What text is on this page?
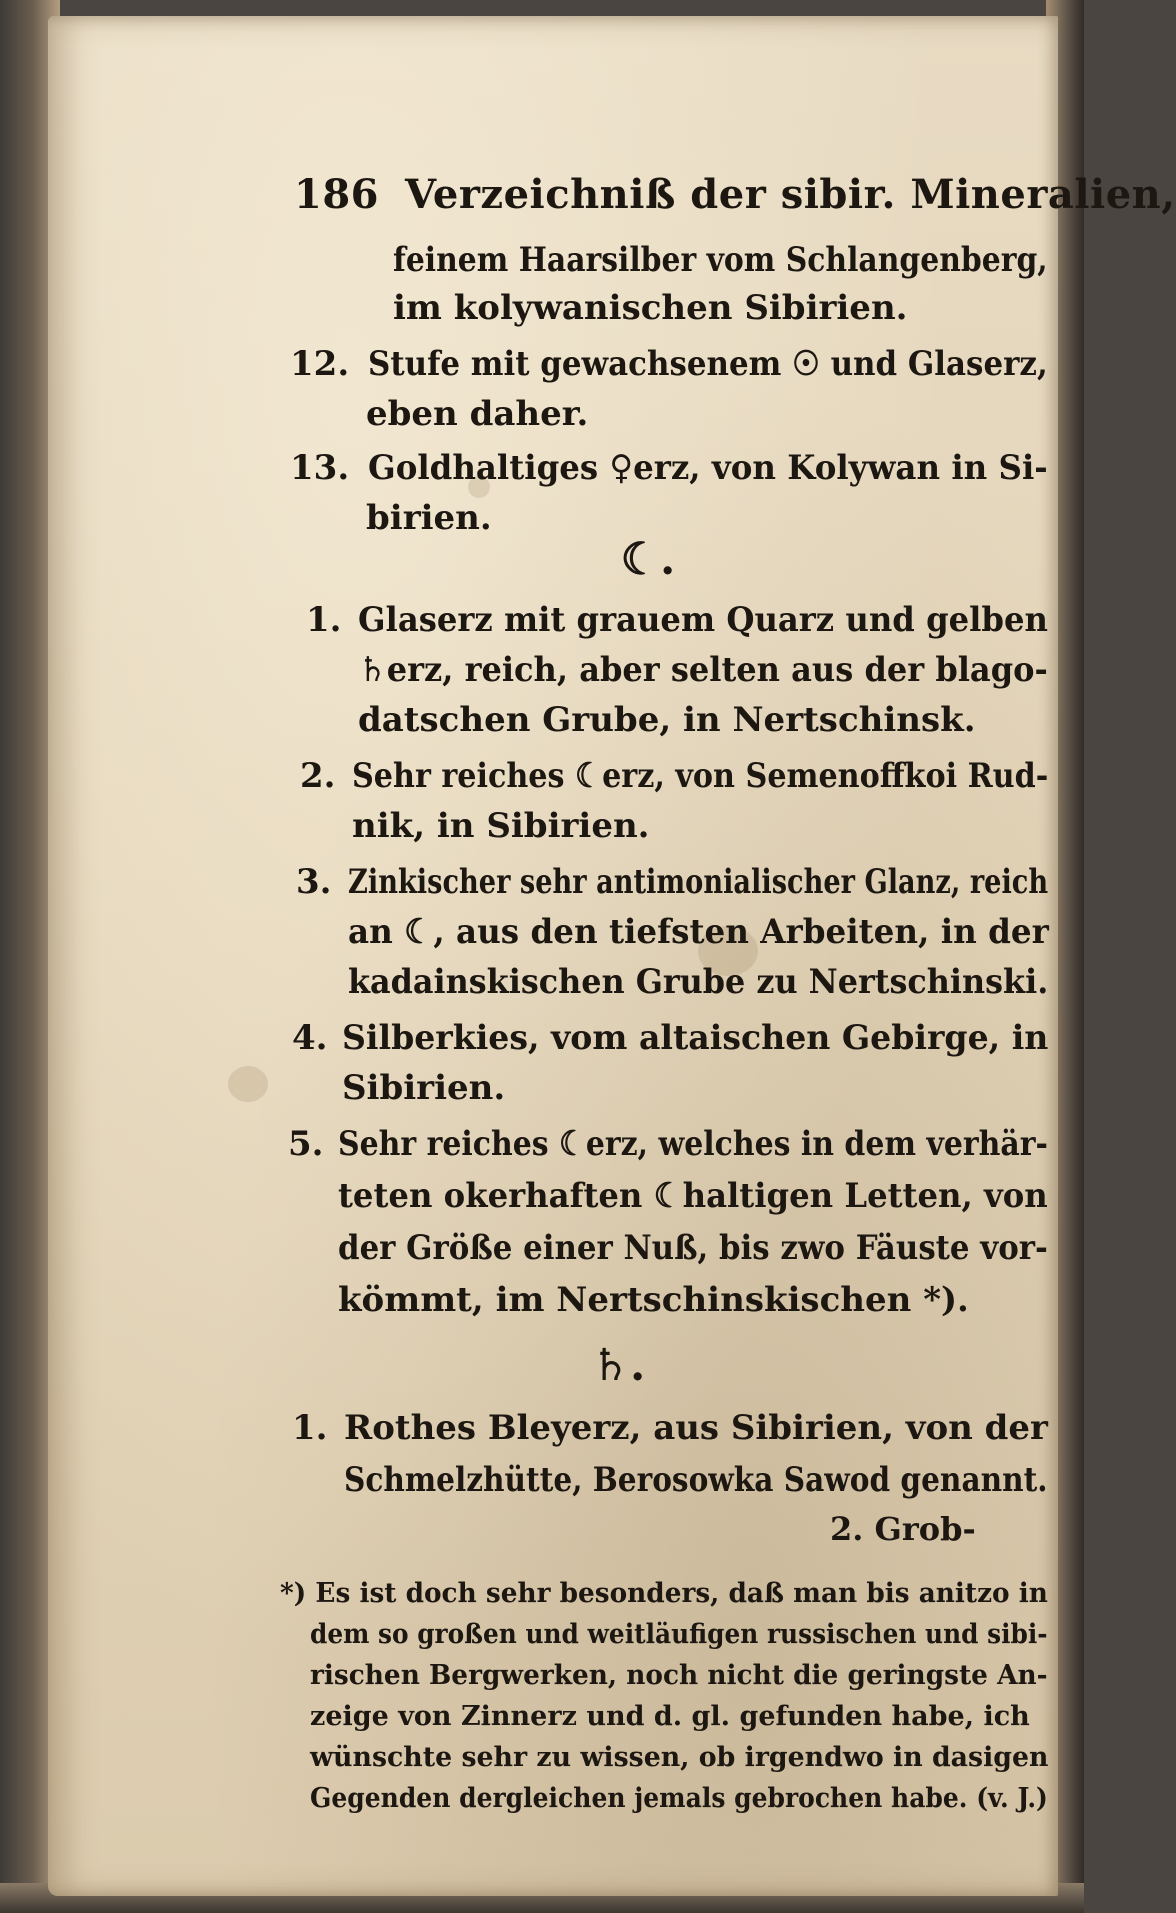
186 Verzeichniß der sibir. Mineralien,
feinem Haarsilber vom Schlangenberg,
im kolywanischen Sibirien.
12. Stufe mit gewachsenem ☉ und Glaserz,
eben daher.
13. Goldhaltiges ♀erz, von Kolywan in Si-
birien.
☾.
1. Glaserz mit grauem Quarz und gelben
♄erz, reich, aber selten aus der blago-
datschen Grube, in Nertschinsk.
2. Sehr reiches ☾erz, von Semenoffkoi Rud-
nik, in Sibirien.
3. Zinkischer sehr antimonialischer Glanz, reich
an ☾, aus den tiefsten Arbeiten, in der
kadainskischen Grube zu Nertschinski.
4. Silberkies, vom altaischen Gebirge, in
Sibirien.
5. Sehr reiches ☾erz, welches in dem verhär-
teten okerhaften ☾haltigen Letten, von
der Größe einer Nuß, bis zwo Fäuste vor-
kömmt, im Nertschinskischen *).
♄.
1. Rothes Bleyerz, aus Sibirien, von der
Schmelzhütte, Berosowka Sawod genannt.
2. Grob-
*) Es ist doch sehr besonders, daß man bis anitzo in
dem so großen und weitläufigen russischen und sibi-
rischen Bergwerken, noch nicht die geringste An-
zeige von Zinnerz und d. gl. gefunden habe, ich
wünschte sehr zu wissen, ob irgendwo in dasigen
Gegenden dergleichen jemals gebrochen habe. (v. J.)
